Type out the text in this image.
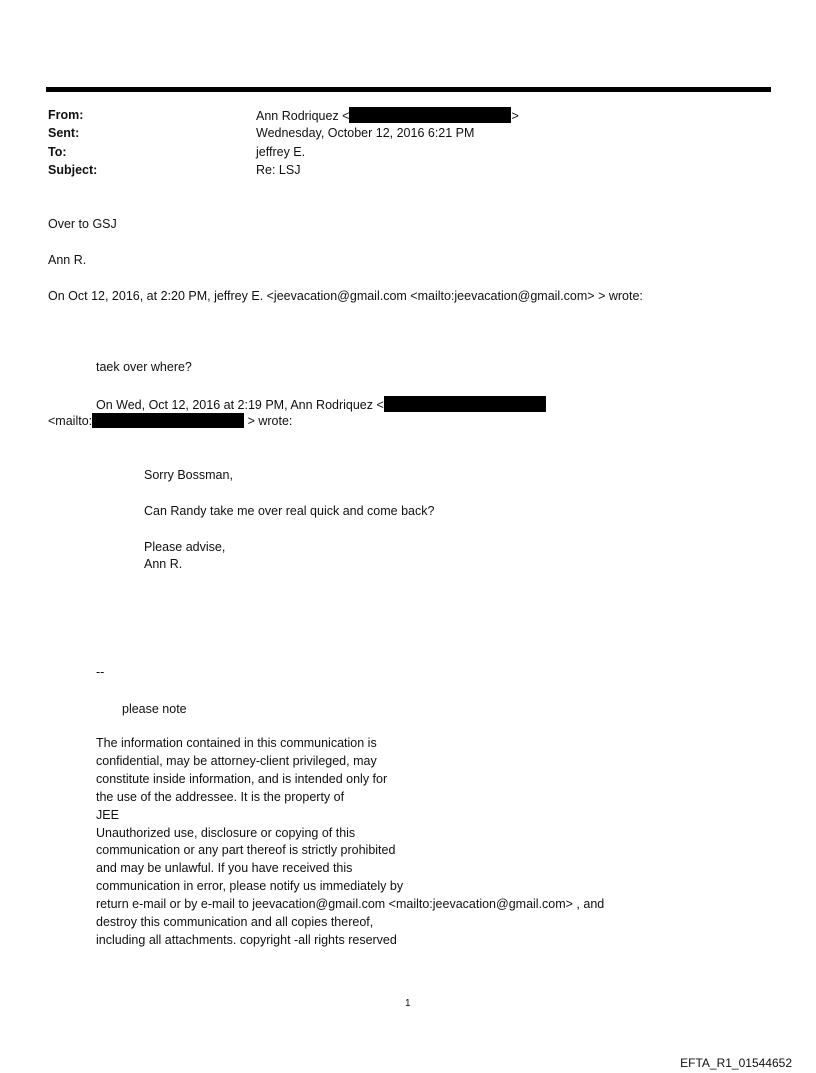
From:	Ann Rodriquez <	>
Sent:	Wednesday, October 12, 2016 6:21 PM
To:	jeffrey E.
Subject:	Re: LSJ
Over to GSJ
Ann R.
On Oct 12, 2016, at 2:20 PM, jeffrey E. <jeevacation@gmail.com <mailto:jeevacation@gmail.com> > wrote:
taek over where?
On Wed, Oct 12, 2016 at 2:19 PM, Ann Rodriquez <
<mailto:	> wrote:
Sorry Bossman,
Can Randy take me over real quick and come back?
Please advise,
Ann R.
--
please note
The information contained in this communication is
confidential, may be attorney-client privileged, may
constitute inside information, and is intended only for
the use of the addressee. It is the property of
JEE
Unauthorized use, disclosure or copying of this
communication or any part thereof is strictly prohibited
and may be unlawful. If you have received this
communication in error, please notify us immediately by
return e-mail or by e-mail to jeevacation@gmail.com <mailto:jeevacation@gmail.com> , and
destroy this communication and all copies thereof,
including all attachments. copyright -all rights reserved
1
EFTA_R1_01544652
